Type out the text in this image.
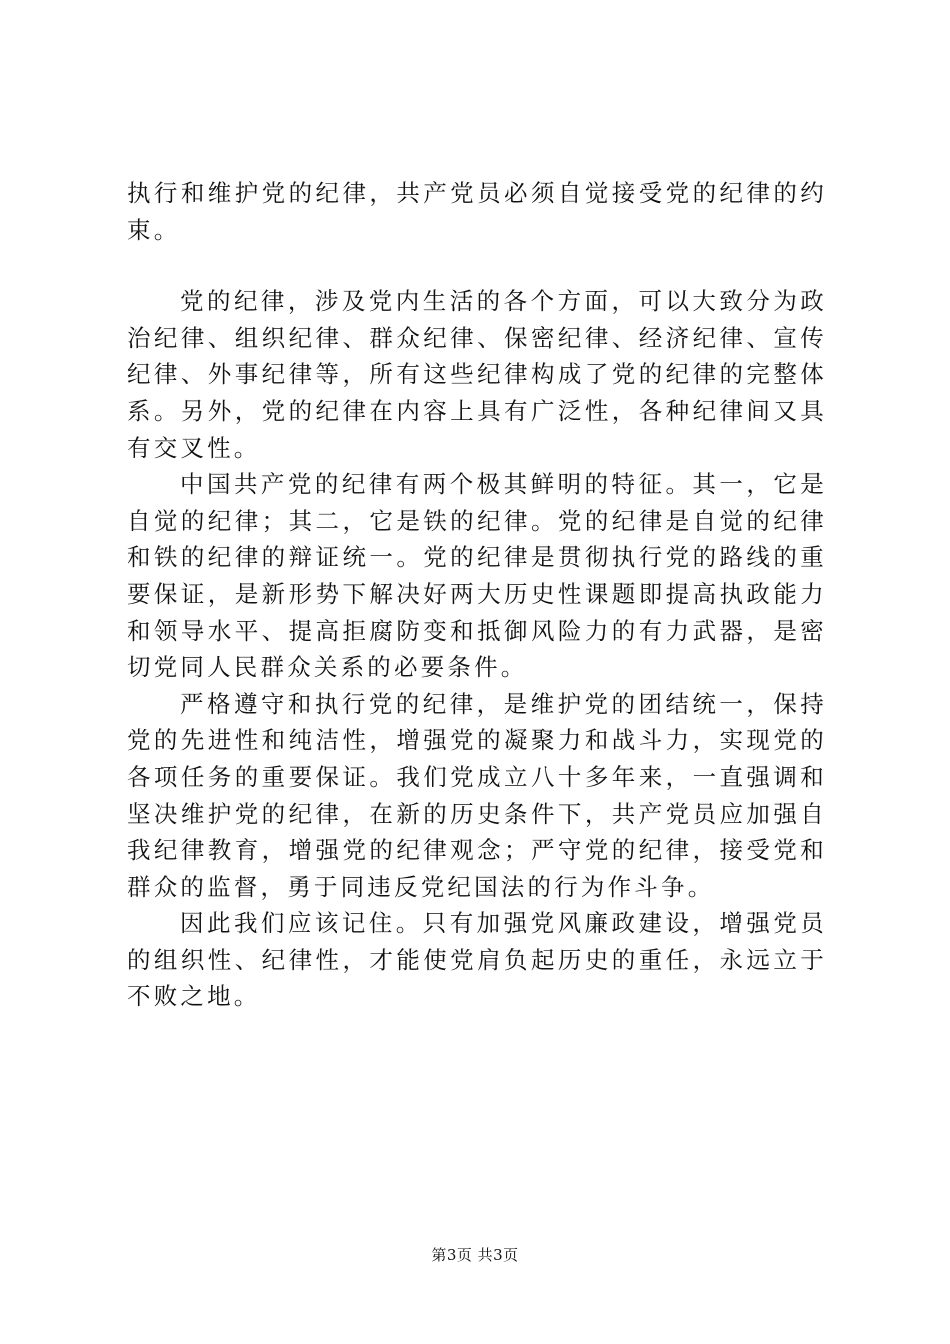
执行和维护党的纪律，共产党员必须自觉接受党的纪律的约束。

党的纪律，涉及党内生活的各个方面，可以大致分为政治纪律、组织纪律、群众纪律、保密纪律、经济纪律、宣传纪律、外事纪律等，所有这些纪律构成了党的纪律的完整体系。另外，党的纪律在内容上具有广泛性，各种纪律间又具有交叉性。

中国共产党的纪律有两个极其鲜明的特征。其一，它是自觉的纪律；其二，它是铁的纪律。党的纪律是自觉的纪律和铁的纪律的辩证统一。党的纪律是贯彻执行党的路线的重要保证，是新形势下解决好两大历史性课题即提高执政能力和领导水平、提高拒腐防变和抵御风险力的有力武器，是密切党同人民群众关系的必要条件。

严格遵守和执行党的纪律，是维护党的团结统一，保持党的先进性和纯洁性，增强党的凝聚力和战斗力，实现党的各项任务的重要保证。我们党成立八十多年来，一直强调和坚决维护党的纪律，在新的历史条件下，共产党员应加强自我纪律教育，增强党的纪律观念；严守党的纪律，接受党和群众的监督，勇于同违反党纪国法的行为作斗争。

因此我们应该记住。只有加强党风廉政建设，增强党员的组织性、纪律性，才能使党肩负起历史的重任，永远立于不败之地。

第3页 共3页
